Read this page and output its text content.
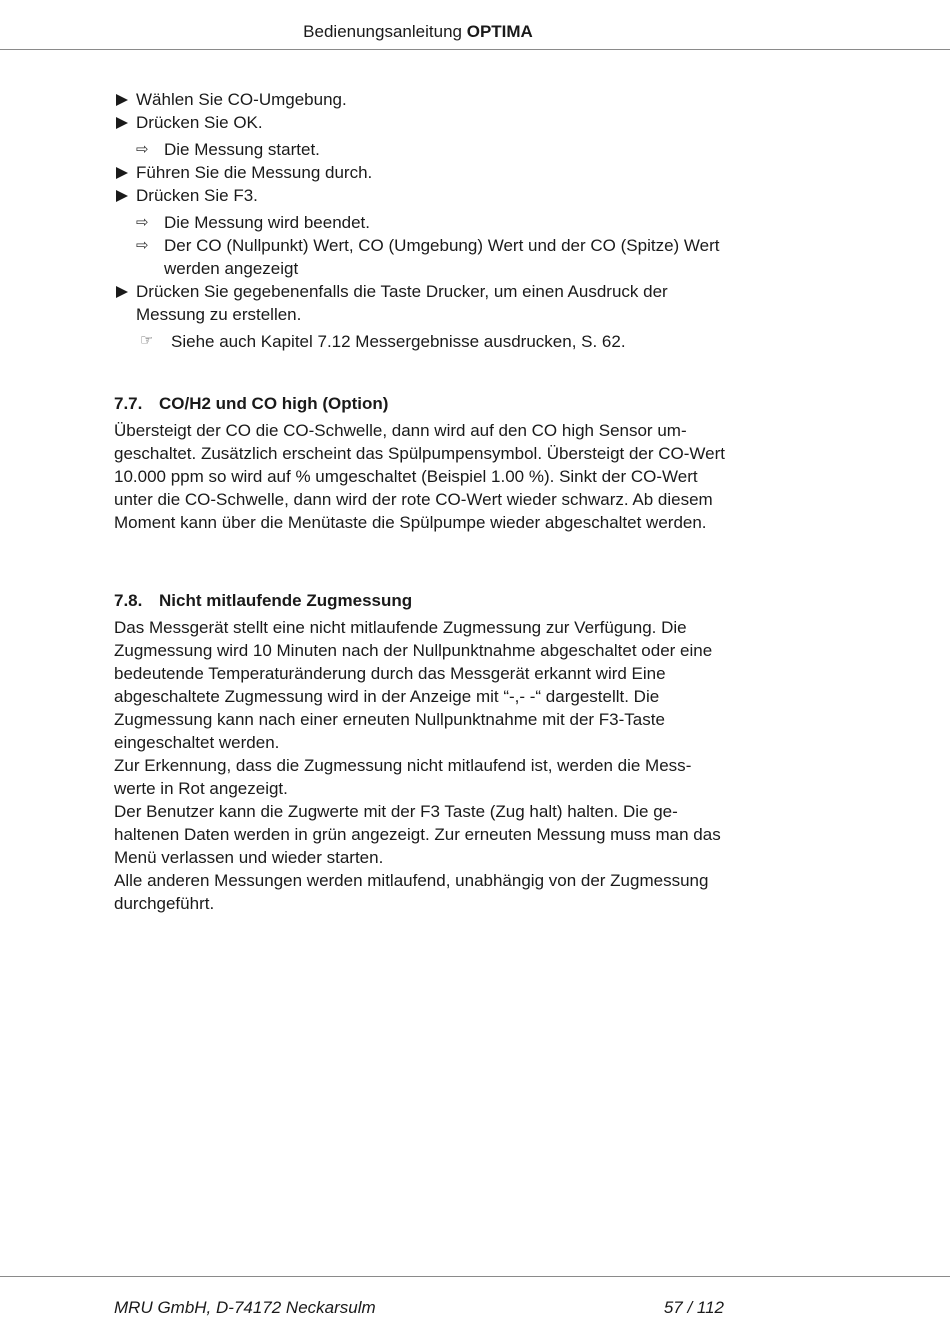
Bedienungsanleitung OPTIMA
Wählen Sie CO-Umgebung.
Drücken Sie OK.
⇨ Die Messung startet.
Führen Sie die Messung durch.
Drücken Sie F3.
⇨ Die Messung wird beendet.
⇨ Der CO (Nullpunkt) Wert, CO (Umgebung) Wert und der CO (Spitze) Wert werden angezeigt
Drücken Sie gegebenenfalls die Taste Drucker, um einen Ausdruck der Messung zu erstellen.
☞ Siehe auch Kapitel 7.12 Messergebnisse ausdrucken, S. 62.
7.7. CO/H2 und CO high (Option)

Übersteigt der CO die CO-Schwelle, dann wird auf den CO high Sensor umgeschaltet. Zusätzlich erscheint das Spülpumpensymbol. Übersteigt der CO-Wert 10.000 ppm so wird auf % umgeschaltet (Beispiel 1.00 %). Sinkt der CO-Wert unter die CO-Schwelle, dann wird der rote CO-Wert wieder schwarz. Ab diesem Moment kann über die Menütaste die Spülpumpe wieder abgeschaltet werden.

7.8. Nicht mitlaufende Zugmessung

Das Messgerät stellt eine nicht mitlaufende Zugmessung zur Verfügung. Die Zugmessung wird 10 Minuten nach der Nullpunktnahme abgeschaltet oder eine bedeutende Temperaturänderung durch das Messgerät erkannt wird Eine abgeschaltete Zugmessung wird in der Anzeige mit “-,- -“ dargestellt. Die Zugmessung kann nach einer erneuten Nullpunktnahme mit der F3-Taste eingeschaltet werden.

Zur Erkennung, dass die Zugmessung nicht mitlaufend ist, werden die Messwerte in Rot angezeigt.

Der Benutzer kann die Zugwerte mit der F3 Taste (Zug halt) halten. Die gehaltenen Daten werden in grün angezeigt. Zur erneuten Messung muss man das Menü verlassen und wieder starten.

Alle anderen Messungen werden mitlaufend, unabhängig von der Zugmessung durchgeführt.

MRU GmbH, D-74172 Neckarsulm	57 / 112
